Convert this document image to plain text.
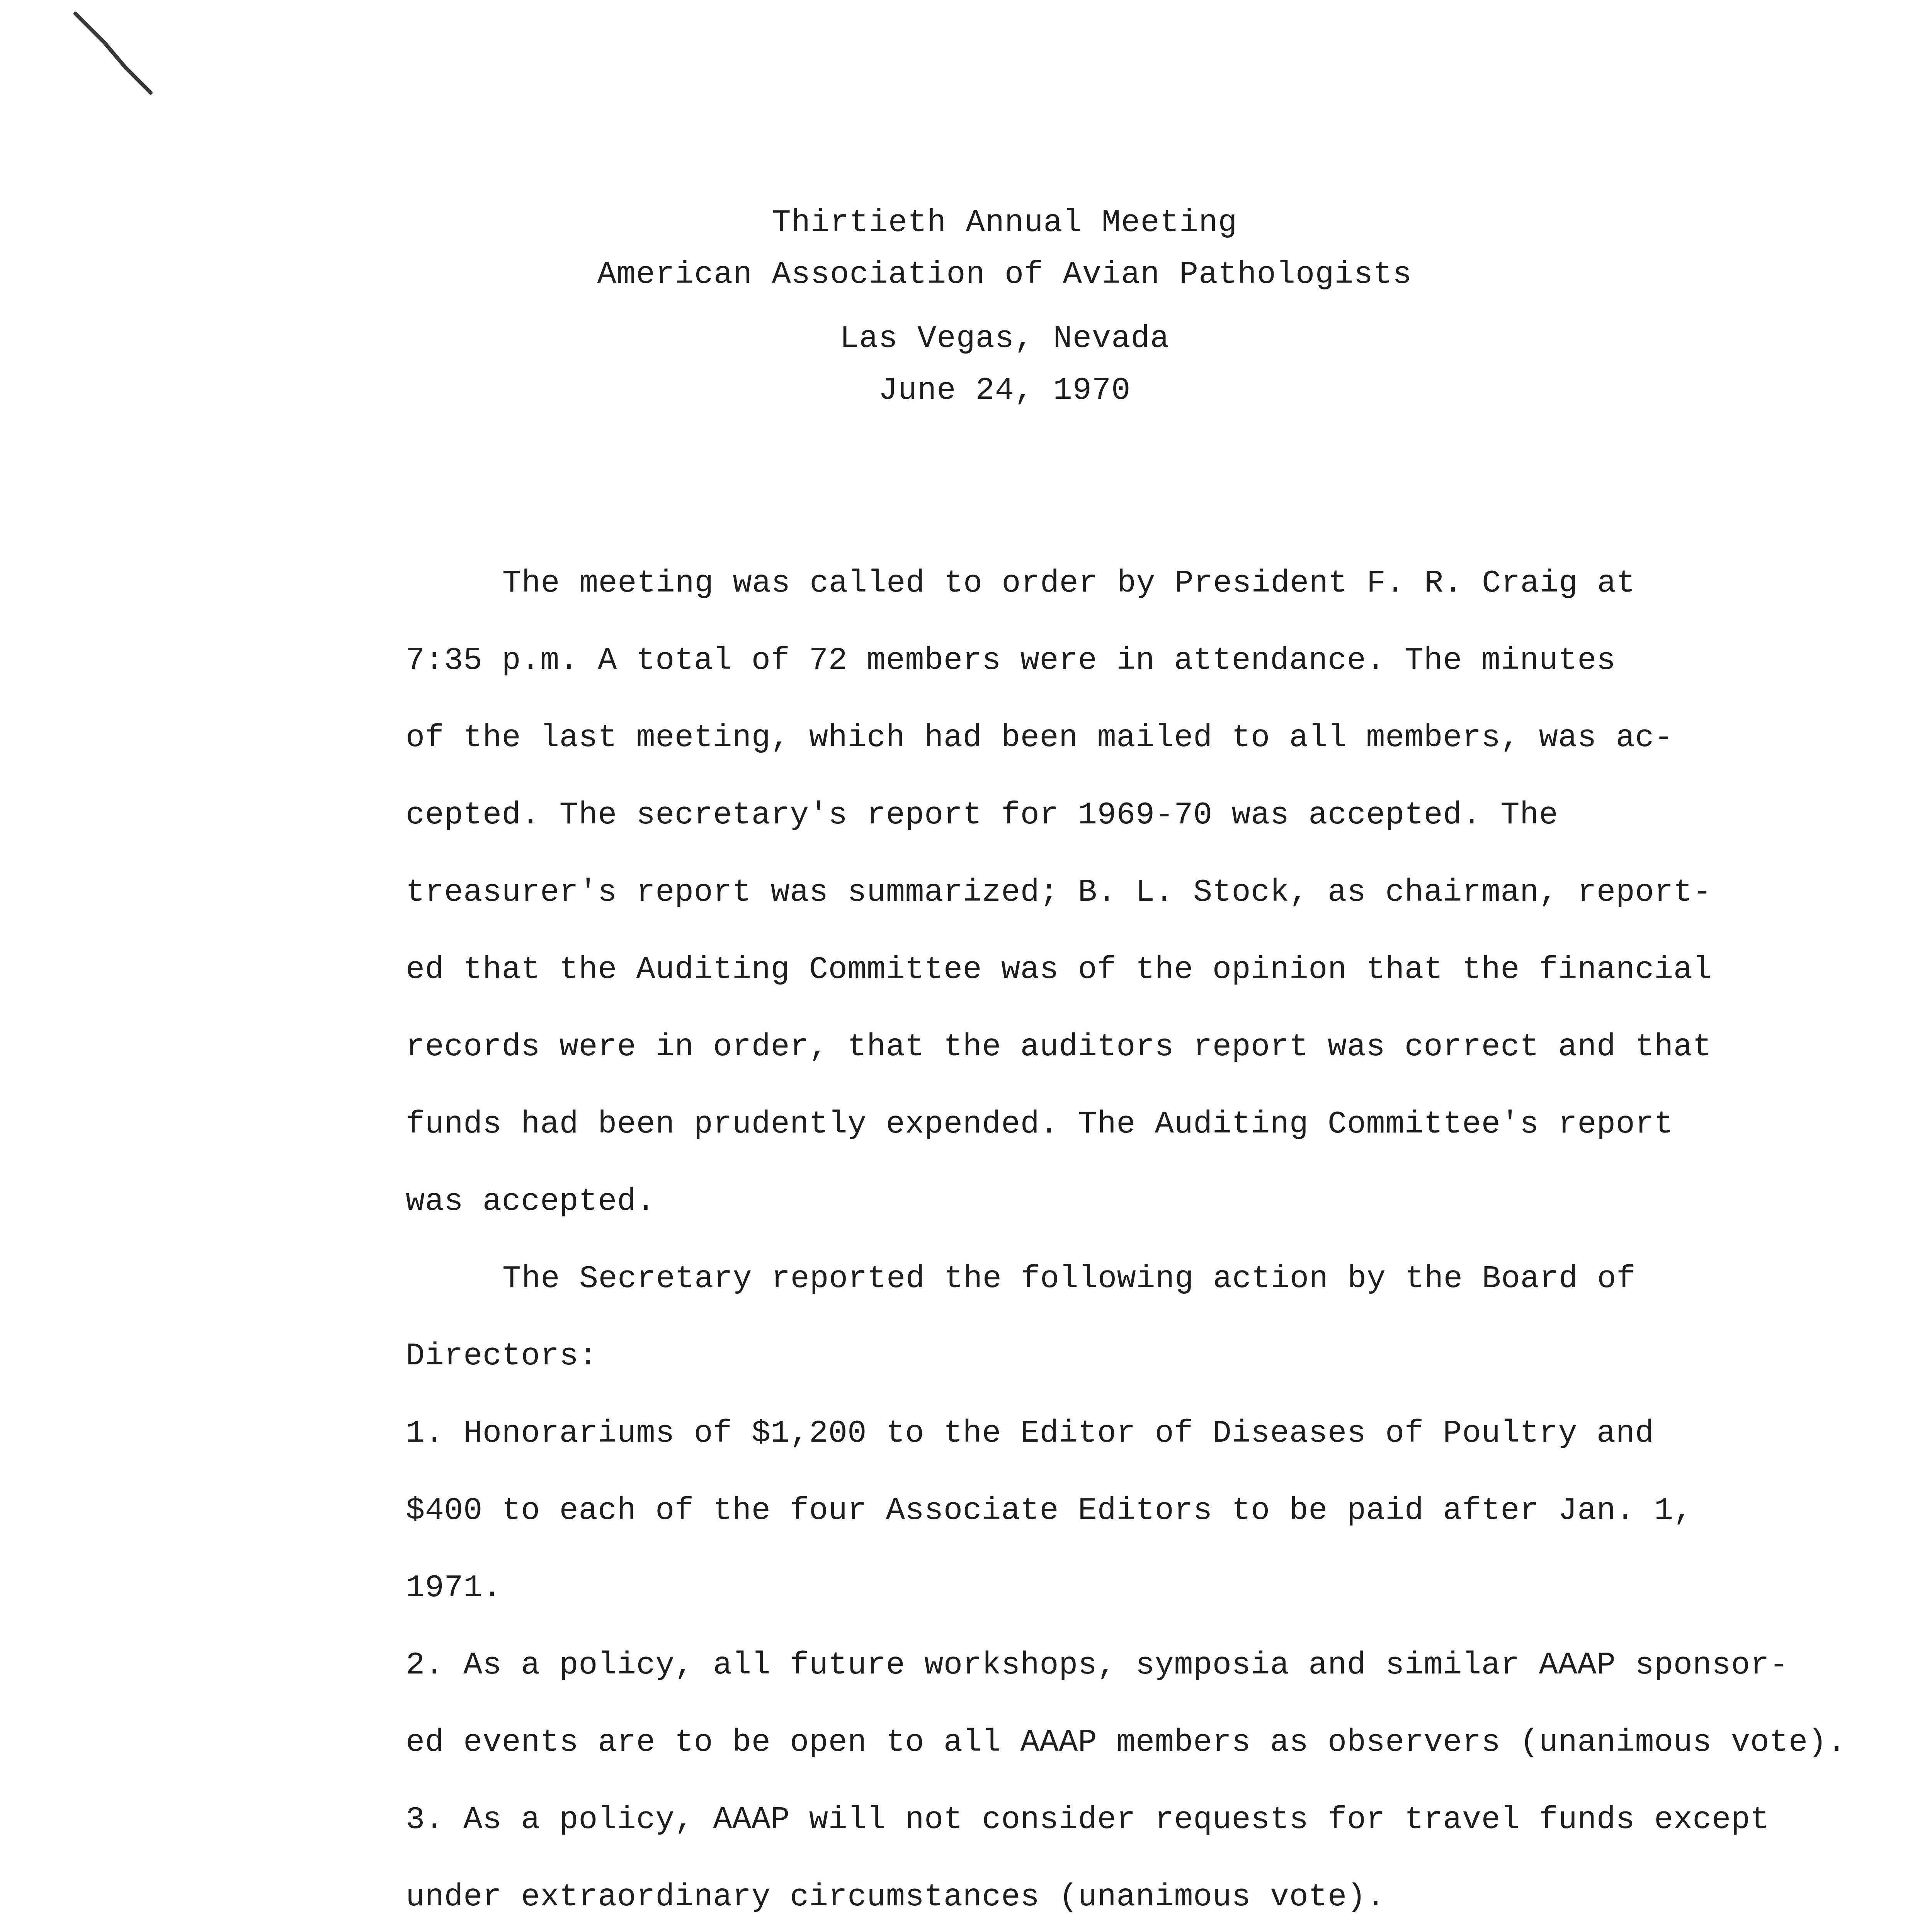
Thirtieth Annual Meeting
American Association of Avian Pathologists
Las Vegas, Nevada
June 24, 1970
The meeting was called to order by President F. R. Craig at
7:35 p.m. A total of 72 members were in attendance. The minutes
of the last meeting, which had been mailed to all members, was ac-
cepted. The secretary's report for 1969-70 was accepted. The
treasurer's report was summarized; B. L. Stock, as chairman, report-
ed that the Auditing Committee was of the opinion that the financial
records were in order, that the auditors report was correct and that
funds had been prudently expended. The Auditing Committee's report
was accepted.
The Secretary reported the following action by the Board of
Directors:
1. Honorariums of $1,200 to the Editor of Diseases of Poultry and
$400 to each of the four Associate Editors to be paid after Jan. 1,
1971.
2. As a policy, all future workshops, symposia and similar AAAP sponsor-
ed events are to be open to all AAAP members as observers (unanimous vote).
3. As a policy, AAAP will not consider requests for travel funds except
under extraordinary circumstances (unanimous vote).
